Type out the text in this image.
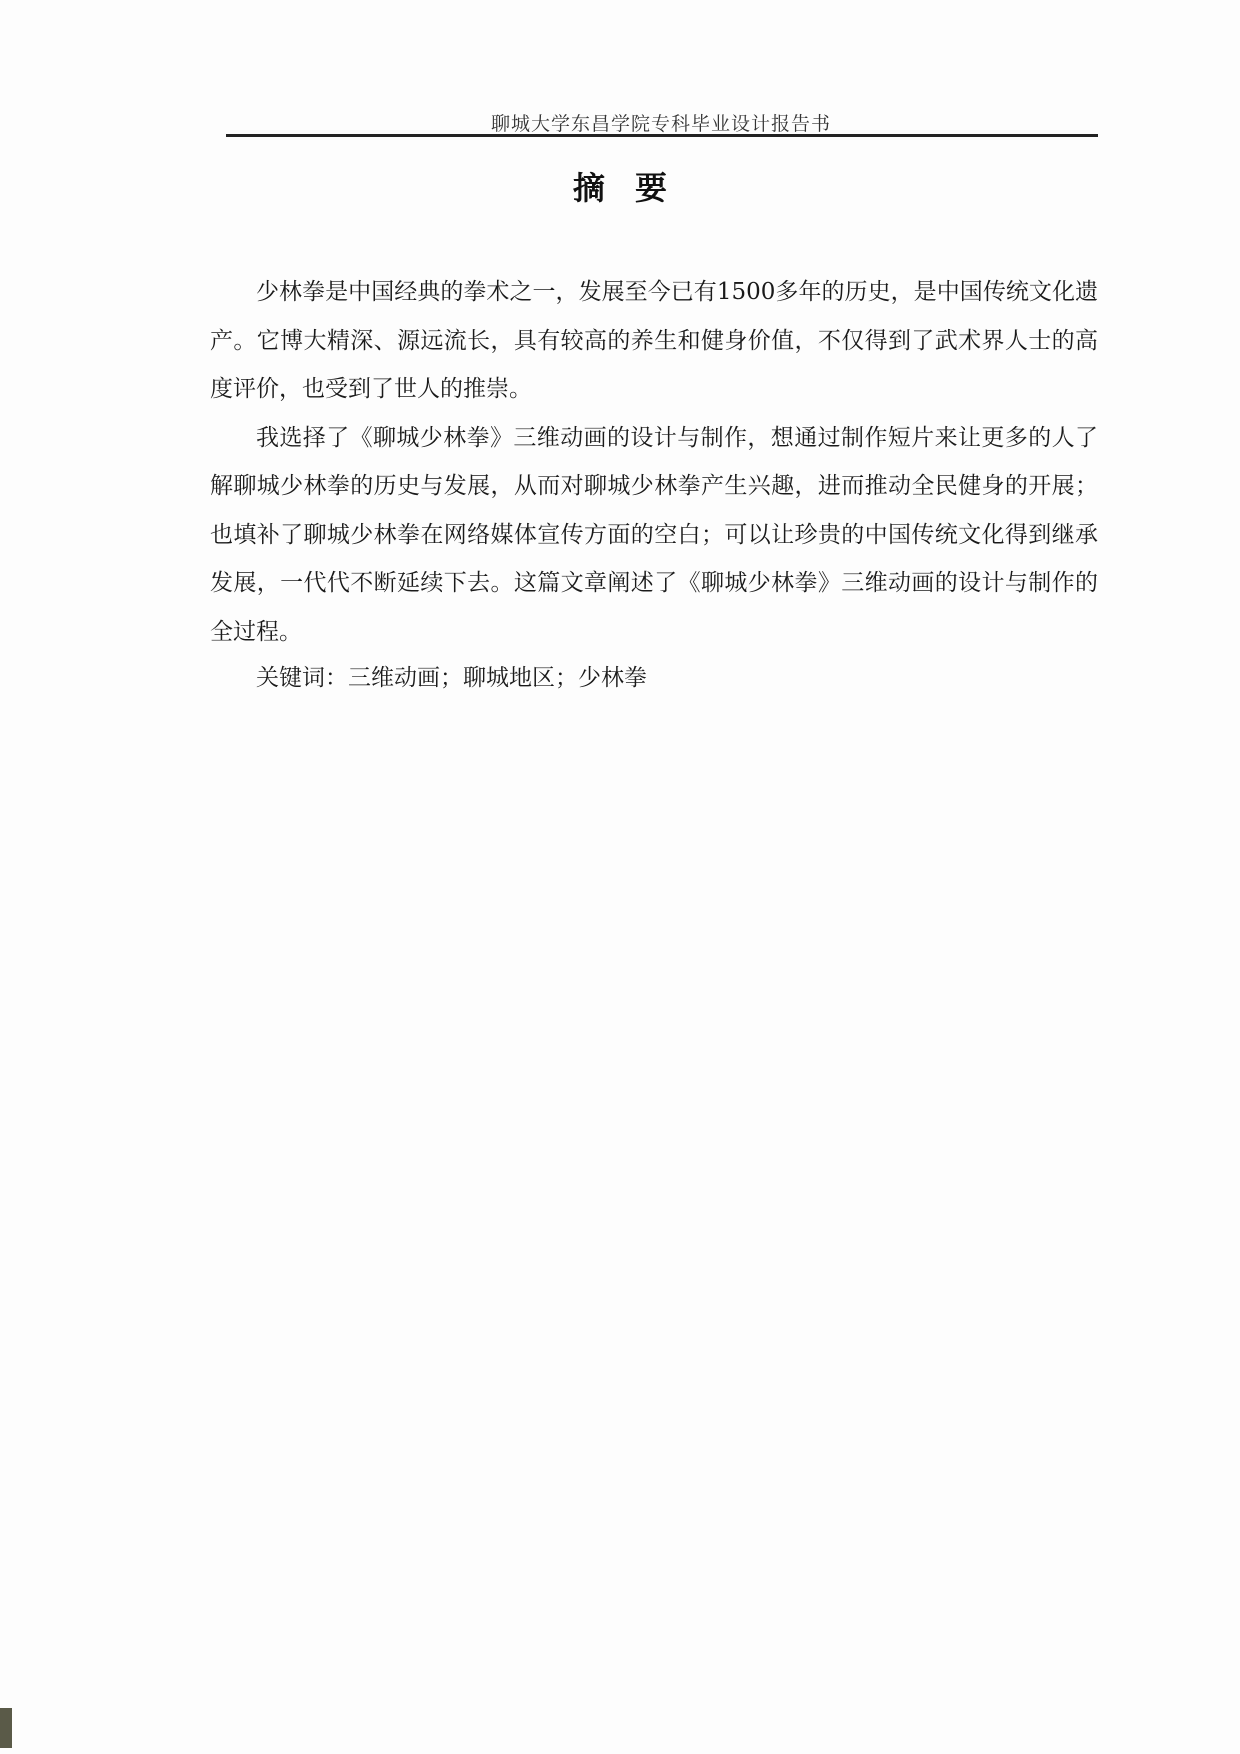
聊城大学东昌学院专科毕业设计报告书
摘要

少林拳是中国经典的拳术之一，发展至今已有1500多年的历史，是中国传统文化遗产。它博大精深、源远流长，具有较高的养生和健身价值，不仅得到了武术界人士的高度评价，也受到了世人的推崇。

我选择了《聊城少林拳》三维动画的设计与制作，想通过制作短片来让更多的人了解聊城少林拳的历史与发展，从而对聊城少林拳产生兴趣，进而推动全民健身的开展；也填补了聊城少林拳在网络媒体宣传方面的空白；可以让珍贵的中国传统文化得到继承发展，一代代不断延续下去。这篇文章阐述了《聊城少林拳》三维动画的设计与制作的全过程。

关键词：三维动画；聊城地区；少林拳
